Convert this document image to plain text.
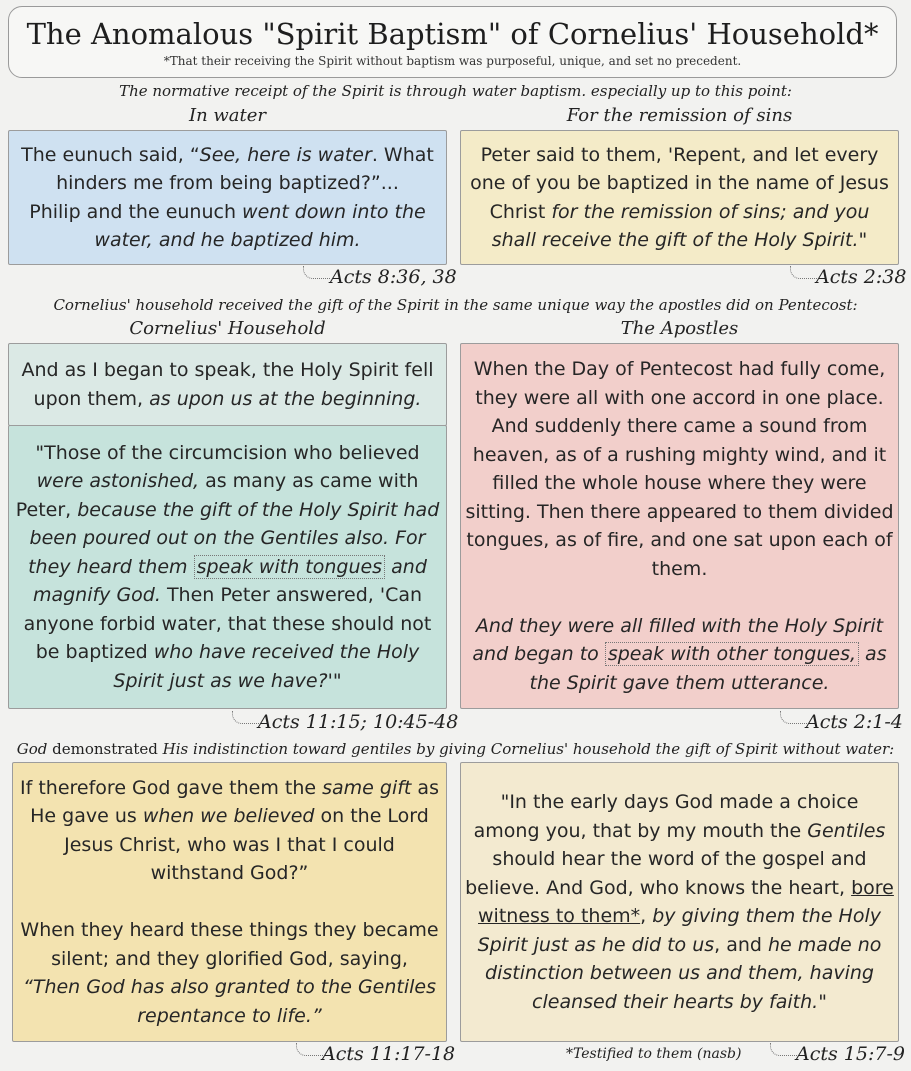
The Anomalous "Spirit Baptism" of Cornelius' Household*
*That their receiving the Spirit without baptism was purposeful, unique, and set no precedent.
The normative receipt of the Spirit is through water baptism. especially up to this point:
In water	For the remission of sins

The eunuch said, “See, here is water. What hinders me from being baptized?”...

Philip and the eunuch went down into the water, and he baptized him.

Acts 8:36, 38

Peter said to them, 'Repent, and let every one of you be baptized in the name of Jesus Christ for the remission of sins; and you shall receive the gift of the Holy Spirit."

Acts 2:38
Cornelius' household received the gift of the Spirit in the same unique way the apostles did on Pentecost:
Cornelius' Household	The Apostles

And as I began to speak, the Holy Spirit fell upon them, as upon us at the beginning.

"Those of the circumcision who believed were astonished, as many as came with Peter, because the gift of the Holy Spirit had been poured out on the Gentiles also. For they heard them speak with tongues and magnify God. Then Peter answered, 'Can anyone forbid water, that these should not be baptized who have received the Holy Spirit just as we have?'"

Acts 11:15; 10:45-48

When the Day of Pentecost had fully come, they were all with one accord in one place. And suddenly there came a sound from heaven, as of a rushing mighty wind, and it filled the whole house where they were sitting. Then there appeared to them divided tongues, as of fire, and one sat upon each of them.

And they were all filled with the Holy Spirit and began to speak with other tongues, as the Spirit gave them utterance.

Acts 2:1-4
God demonstrated His indistinction toward gentiles by giving Cornelius' household the gift of Spirit without water:

If therefore God gave them the same gift as He gave us when we believed on the Lord Jesus Christ, who was I that I could withstand God?”

When they heard these things they became silent; and they glorified God, saying,

“Then God has also granted to the Gentiles repentance to life.”

Acts 11:17-18

"In the early days God made a choice among you, that by my mouth the Gentiles should hear the word of the gospel and believe. And God, who knows the heart, bore witness to them*, by giving them the Holy Spirit just as he did to us, and he made no distinction between us and them, having cleansed their hearts by faith."

*Testified to them (nasb)	Acts 15:7-9
